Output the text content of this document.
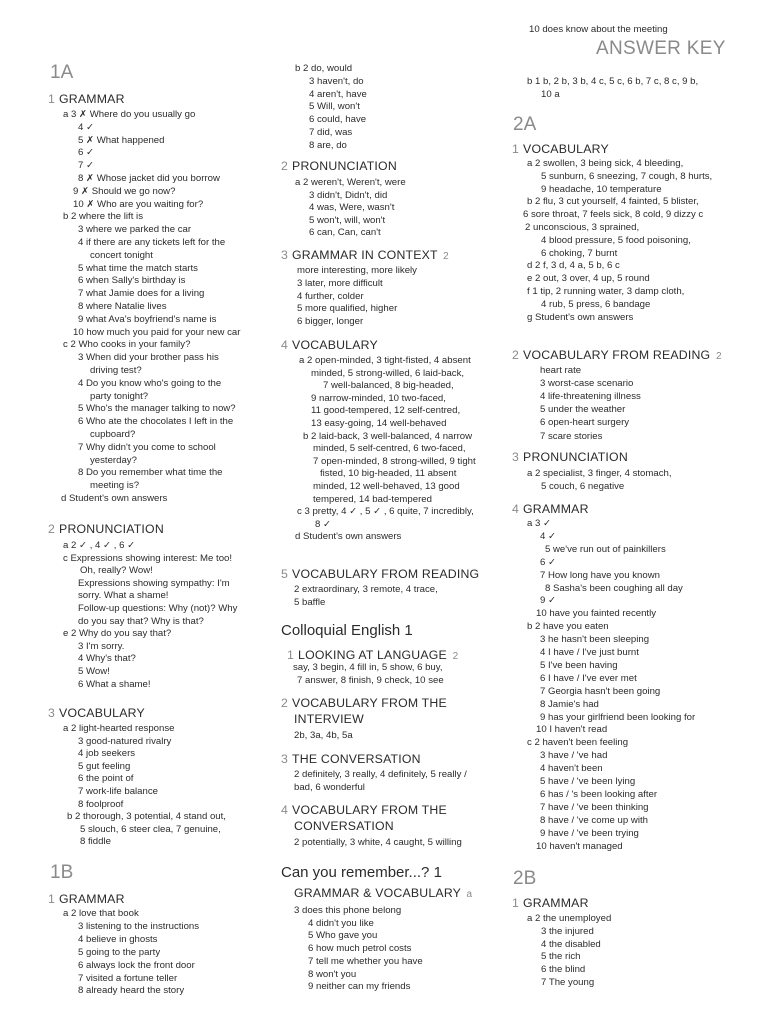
10 does know about the meeting
ANSWER KEY
1A
1 GRAMMAR
a 3 ✗ Where do you usually go
4 ✓
5 ✗ What happened
6 ✓
7 ✓
8 ✗ Whose jacket did you borrow
9 ✗ Should we go now?
10 ✗ Who are you waiting for?
b 2 where the lift is
3 where we parked the car
4 if there are any tickets left for the
concert tonight
5 what time the match starts
6 when Sally's birthday is
7 what Jamie does for a living
8 where Natalie lives
9 what Ava's boyfriend's name is
10 how much you paid for your new car
c 2 Who cooks in your family?
3 When did your brother pass his
driving test?
4 Do you know who's going to the
party tonight?
5 Who's the manager talking to now?
6 Who ate the chocolates I left in the
cupboard?
7 Why didn't you come to school
yesterday?
8 Do you remember what time the
meeting is?
d Student's own answers
2 PRONUNCIATION
a 2 ✓ , 4 ✓ , 6 ✓
c Expressions showing interest: Me too!
Oh, really? Wow!
Expressions showing sympathy: I'm
sorry. What a shame!
Follow-up questions: Why (not)? Why
do you say that? Why is that?
e 2 Why do you say that?
3 I'm sorry.
4 Why's that?
5 Wow!
6 What a shame!
3 VOCABULARY
a 2 light-hearted response
3 good-natured rivalry
4 job seekers
5 gut feeling
6 the point of
7 work-life balance
8 foolproof
b 2 thorough, 3 potential, 4 stand out,
5 slouch, 6 steer clea, 7 genuine,
8 fiddle
1B
1 GRAMMAR
a 2 love that book
3 listening to the instructions
4 believe in ghosts
5 going to the party
6 always lock the front door
7 visited a fortune teller
8 already heard the story
b 2 do, would
3 haven't, do
4 aren't, have
5 Will, won't
6 could, have
7 did, was
8 are, do
2 PRONUNCIATION
a 2 weren't, Weren't, were
3 didn't, Didn't, did
4 was, Were, wasn't
5 won't, will, won't
6 can, Can, can't
3 GRAMMAR IN CONTEXT 2
more interesting, more likely
3 later, more difficult
4 further, colder
5 more qualified, higher
6 bigger, longer
4 VOCABULARY
a 2 open-minded, 3 tight-fisted, 4 absent
minded, 5 strong-willed, 6 laid-back,
7 well-balanced, 8 big-headed,
9 narrow-minded, 10 two-faced,
11 good-tempered, 12 self-centred,
13 easy-going, 14 well-behaved
b 2 laid-back, 3 well-balanced, 4 narrow
minded, 5 self-centred, 6 two-faced,
7 open-minded, 8 strong-willed, 9 tight
fisted, 10 big-headed, 11 absent
minded, 12 well-behaved, 13 good
tempered, 14 bad-tempered
c 3 pretty, 4 ✓ , 5 ✓ , 6 quite, 7 incredibly,
8 ✓
d Student's own answers
5 VOCABULARY FROM READING
2 extraordinary, 3 remote, 4 trace,
5 baffle
Colloquial English 1
1 LOOKING AT LANGUAGE 2
say, 3 begin, 4 fill in, 5 show, 6 buy,
7 answer, 8 finish, 9 check, 10 see
2 VOCABULARY FROM THE
INTERVIEW
2b, 3a, 4b, 5a
3 THE CONVERSATION
2 definitely, 3 really, 4 definitely, 5 really /
bad, 6 wonderful
4 VOCABULARY FROM THE
CONVERSATION
2 potentially, 3 white, 4 caught, 5 willing
Can you remember...? 1
GRAMMAR & VOCABULARY a
3 does this phone belong
4 didn't you like
5 Who gave you
6 how much petrol costs
7 tell me whether you have
8 won't you
9 neither can my friends
b 1 b, 2 b, 3 b, 4 c, 5 c, 6 b, 7 c, 8 c, 9 b,
10 a
2A
1 VOCABULARY
a 2 swollen, 3 being sick, 4 bleeding,
5 sunburn, 6 sneezing, 7 cough, 8 hurts,
9 headache, 10 temperature
b 2 flu, 3 cut yourself, 4 fainted, 5 blister,
6 sore throat, 7 feels sick, 8 cold, 9 dizzy c
2 unconscious, 3 sprained,
4 blood pressure, 5 food poisoning,
6 choking, 7 burnt
d 2 f, 3 d, 4 a, 5 b, 6 c
e 2 out, 3 over, 4 up, 5 round
f 1 tip, 2 running water, 3 damp cloth,
4 rub, 5 press, 6 bandage
g Student's own answers
2 VOCABULARY FROM READING 2
heart rate
3 worst-case scenario
4 life-threatening illness
5 under the weather
6 open-heart surgery
7 scare stories
3 PRONUNCIATION
a 2 specialist, 3 finger, 4 stomach,
5 couch, 6 negative
4 GRAMMAR
a 3 ✓
4 ✓
5 we've run out of painkillers
6 ✓
7 How long have you known
8 Sasha's been coughing all day
9 ✓
10 have you fainted recently
b 2 have you eaten
3 he hasn't been sleeping
4 I have / I've just burnt
5 I've been having
6 I have / I've ever met
7 Georgia hasn't been going
8 Jamie's had
9 has your girlfriend been looking for
10 I haven't read
c 2 haven't been feeling
3 have / 've had
4 haven't been
5 have / 've been lying
6 has / 's been looking after
7 have / 've been thinking
8 have / 've come up with
9 have / 've been trying
10 haven't managed
2B
1 GRAMMAR
a 2 the unemployed
3 the injured
4 the disabled
5 the rich
6 the blind
7 The young
